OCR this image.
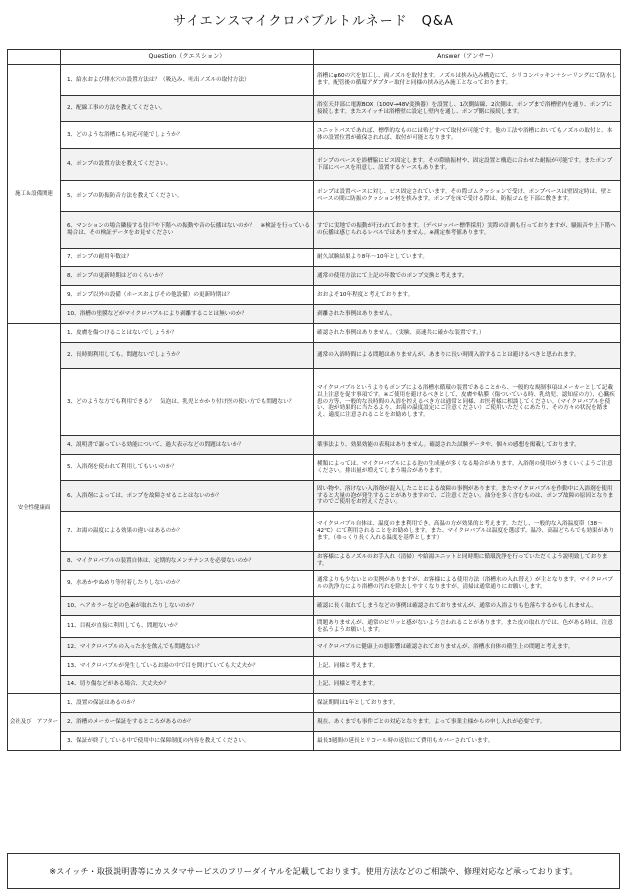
サイエンスマイクロバブルトルネード　Q&A
	Question（クエスション）	Answer（アンサー）
施工＆設備関連	1、給水および排水穴の設置方法は？（吸込み、吐出ノズルの取付方法）	浴槽にφ60の穴を加工し、両ノズルを取付ます。ノズルは挟み込み構造にて、シリコンパッキン＋シーリングにて防水します。配管後の循環アダプター取付と同様の挟み込み施工となっております。
	2、配線工事の方法を教えてください。	浴室天井部に電源BOX（100V→48V変換器）を設置し、1次側結線、2次側は、ポンプまで浴槽壁内を通り、ポンプに接続します。またスイッチは浴槽壁に設定し壁内を通し、ポンプ側に接続します。
	3、どのような浴槽にも対応可能でしょうか？	ユニットバスであれば、標準的なものには殆どすべて取付が可能です。他の工法や浴槽においてもノズルの取付と、本体の設置位置が確保されれば、取付が可能となります。
	4、ポンプの設置方法を教えてください。	ポンプのベースを浴槽脇にビス固定します。その際励振材や、固定設置と構造に合わせた耐振が可能です。またポンプ下部にベースを用意し、設置するケースもあります。
	5、ポンプの防振防音方法を教えてください。	ポンプは設置ベースに対し、ビス固定されています。その際ゴムクッションで受け、ポンプベースは壁固定時は、壁とベースの間に防振のクッション材を挟みます。ポンプを床で受ける際は、防振ゴムを下部に敷きます。
	6、マンションの場合隣接する住戸や下階への振動や音の伝播はないのか？　※検証を行っている場合は、その検証データをお見せください	すでに実地での振動が行われております。（デベロッパー標準採用）実際の計測も行っておりますが、騒振音や上下階への伝播は感じられるレベルではありません。※測定参考値あります。
	7、ポンプの耐用年数は？	耐久試験結果より8年～10年としています。
	8、ポンプの更新時期はどのくらいか？	通常の使用方法にて上記の年数でのポンプ交換と考えます。
	9、ポンプ以外の設備（ホースおよびその他設備）の更新時期は？	おおよそ10年程度と考えております。
	10、浴槽の塗膜などがマイクロバブルにより剥離することは無いのか？	剥離された事例はありません。
安全性健康面	1、皮膚を傷つけることはないでしょうか？	確認された事例はありません。（実験、高速共に確かな装置です。）
	2、長時間利用しても、問題ないでしょうか？	通常の入浴時間による問題はありませんが、あまりに長い時間入浴することは避けるべきと思われます。
	3、どのような方でも利用できる？　気泡は、乳児とかかり付け医の使い方でも問題ない？	マイクロバブルというよりもポンプによる浴槽水循環の装置であることから、一般的な規制事項はメーカーとして記載以上注意を促す事項です。※ご使用を避けるべきとして、皮膚や粘膜（傷ついている時、乳幼児、認知症の方）、心臓疾患の方等、一般的な長時間の入浴を控えるべき方は通常と同様、お医者様に相談してください。（マイクロバブルを使い、泡が効果的に当たるより、お湯の温度設定にご注意ください）ご使用いただくにあたり、その方々の状況を踏まえ、適度に注意されることをお勧めします。
	4、説明書で謳っている効能について、過大表示などの問題はないか？	薬事法より、効果効能の表現はありません。確認された試験データや、個々の感想を掲載しております。
	5、入浴剤を使われて利用してもいいのか？	種類によっては、マイクロバブルによる泡の生成量が多くなる場合があります。入浴剤の使用がうまくいくようご注意ください。排出量が増えてしまう場合があります。
	6、入浴剤によっては、ポンプを故障させることはないのか？	固い物や、溶けない入浴剤が混入したことによる故障の事例があります。またマイクロバブルを作動中に入浴剤を使用すると大量の泡が発生することがありますので、ご注意ください。油分を多く含むものは、ポンプ故障の原因となりますのでご使用をお控えください。
	7、お湯の温度による効果の違いはあるのか？	マイクロバブル自体は、温度のまま利用でき、高温の方が効果的と考えます。ただし、一般的な入浴温度帯（38～42℃）にて利用されることをお勧めします。また、マイクロバブルは温度を選ばず、温冷、高温どちらでも効果があります。（ゆっくり長く入れる温度を基準とします）
	8、マイクロバブルの装置自体は、定期的なメンテナンスを必要ないのか？	お客様によるノズルのお手入れ（清掃）や給湯ユニットと同時期に循環洗浄を行っていただくよう説明致しております。
	9、水あかやぬめり等付着したりしないのか？	通常よりも少ないとの実例がありますが、お客様による使用方法（浴槽水の入れ替え）が主となります。マイクロバブルの洗浄力により浴槽の汚れを除去しやすくなりますが、清掃は通常通りにお願いします。
	10、ヘアカラーなどの色素が取れたりしないのか？	確認に長く取れてしまうなどの事例は確認されておりませんが、通常の入浴よりも色落ちするかもしれません。
	11、目視が直接に利用しても、問題ないか？	問題ありませんが、通常のピリッと感がないよう言われることがあります。また皮の取れ方では、色がある時は、注意を払うようお願いします。
	12、マイクロバブルの入った水を飲んでも問題ない？	マイクロバブルに健康上の悪影響は確認されておりませんが、浴槽水自体の衛生上の問題と考えます。
	13、マイクロバブルが発生しているお湯の中で目を開けていても大丈夫か？	上記、同様と考えます。
	14、切り傷などがある場合、大丈夫か？	上記、同様と考えます。
会社及び　アフター	1、設置の保証はあるのか？	保証期間は1年としております。
	2、浴槽のメーカー保証をするところがあるのか？	現在、あくまでも事件ごとの対応となります。よって事業主様からの申し入れが必要です。
	3、保証が終了している中で使用中に保障制度の内容を教えてください。	最長3週間の延長とリコール時の返信にて費用もカバーされています。
※スイッチ・取扱説明書等にカスタマサービスのフリーダイヤルを記載しております。使用方法などのご相談や、修理対応など承っております。
